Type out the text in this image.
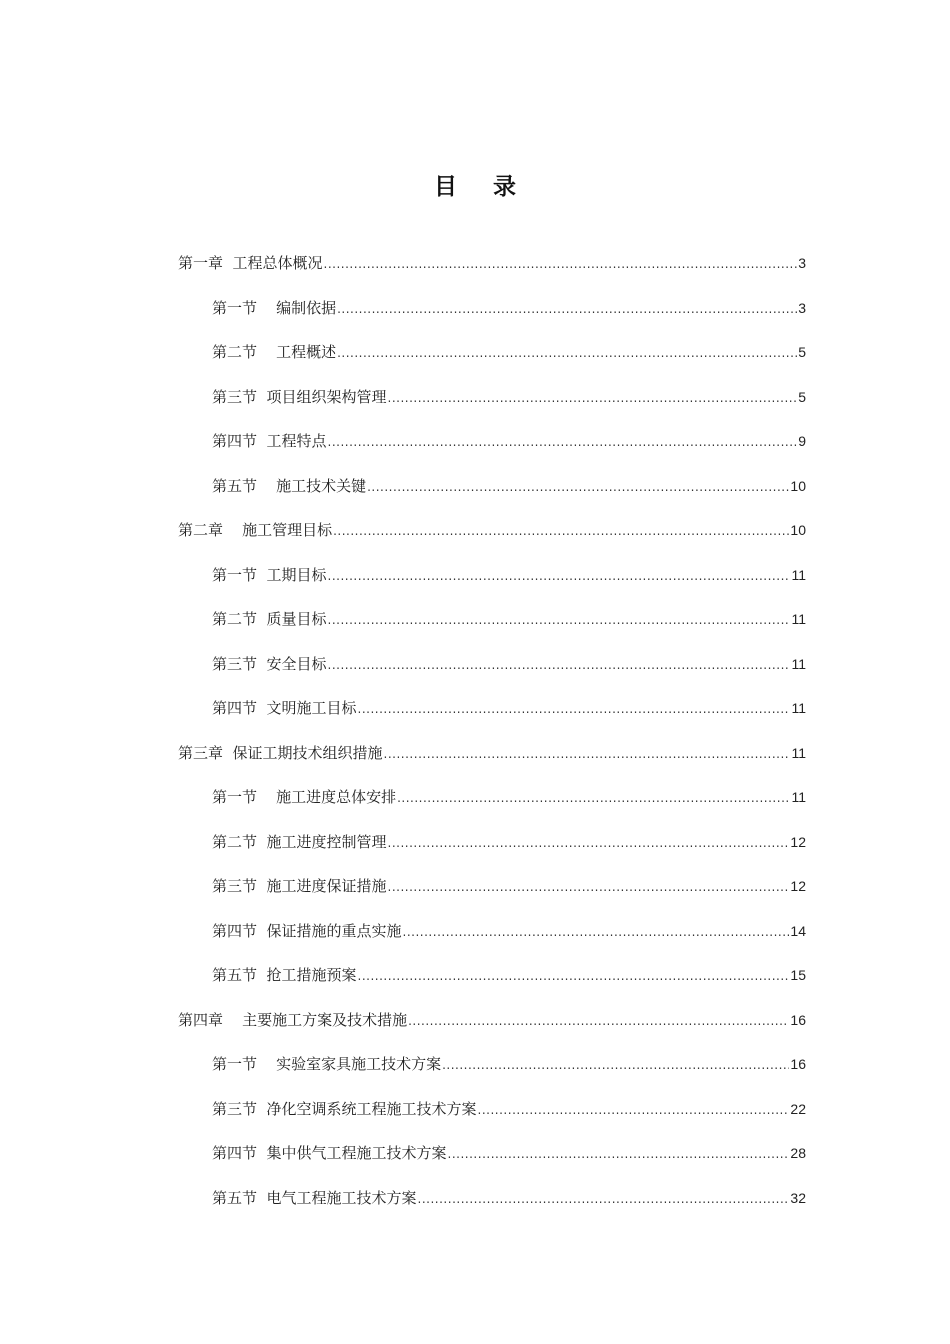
目 录
第一章  工程总体概况 .....	3
第一节    编制依据 .....	3
第二节    工程概述 .....	5
第三节  项目组织架构管理 .....	5
第四节  工程特点 .....	9
第五节    施工技术关键 .....	10
第二章    施工管理目标 .....	10
第一节  工期目标 .....	11
第二节  质量目标 .....	11
第三节  安全目标 .....	11
第四节  文明施工目标 .....	11
第三章  保证工期技术组织措施 .....	11
第一节    施工进度总体安排 .....	11
第二节  施工进度控制管理 .....	12
第三节  施工进度保证措施 .....	12
第四节  保证措施的重点实施 .....	14
第五节  抢工措施预案 .....	15
第四章    主要施工方案及技术措施 .....	16
第一节    实验室家具施工技术方案 .....	16
第三节  净化空调系统工程施工技术方案 .....	22
第四节  集中供气工程施工技术方案 .....	28
第五节  电气工程施工技术方案 .....	32
